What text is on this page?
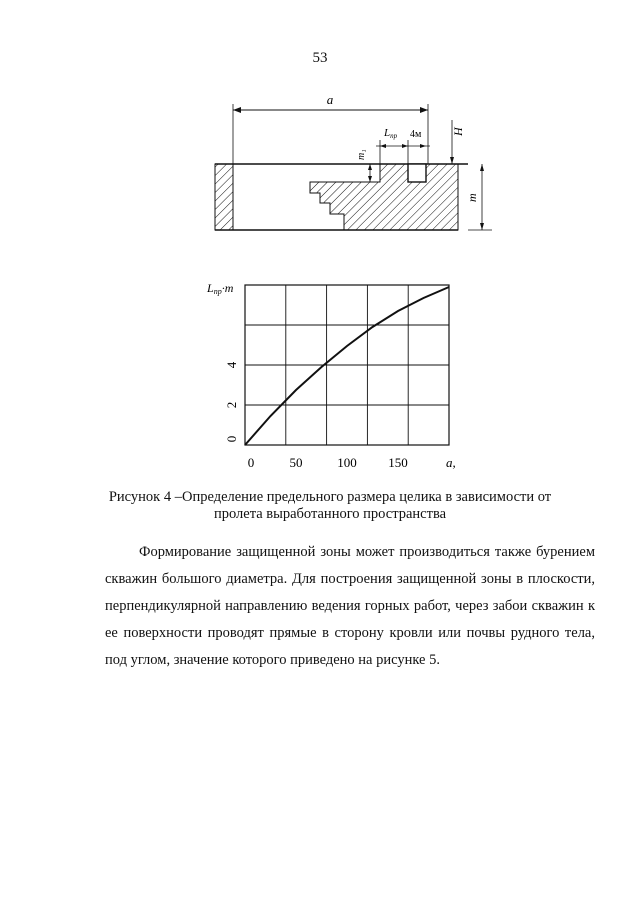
53
a
Lпр 4м
m₁
H
m
0	50	100 150	a,
0
2
4
Lпр·m
Рисунок 4 –Определение предельного размера целика в зависимости от
пролета выработанного пространства
Формирование защищенной зоны может производиться также бурением
скважин большого диаметра. Для построения защищенной зоны в плоскости,
перпендикулярной направлению ведения горных работ, через забои скважин к
ее поверхности проводят прямые в сторону кровли или почвы рудного тела,
под углом, значение которого приведено на рисунке 5.
